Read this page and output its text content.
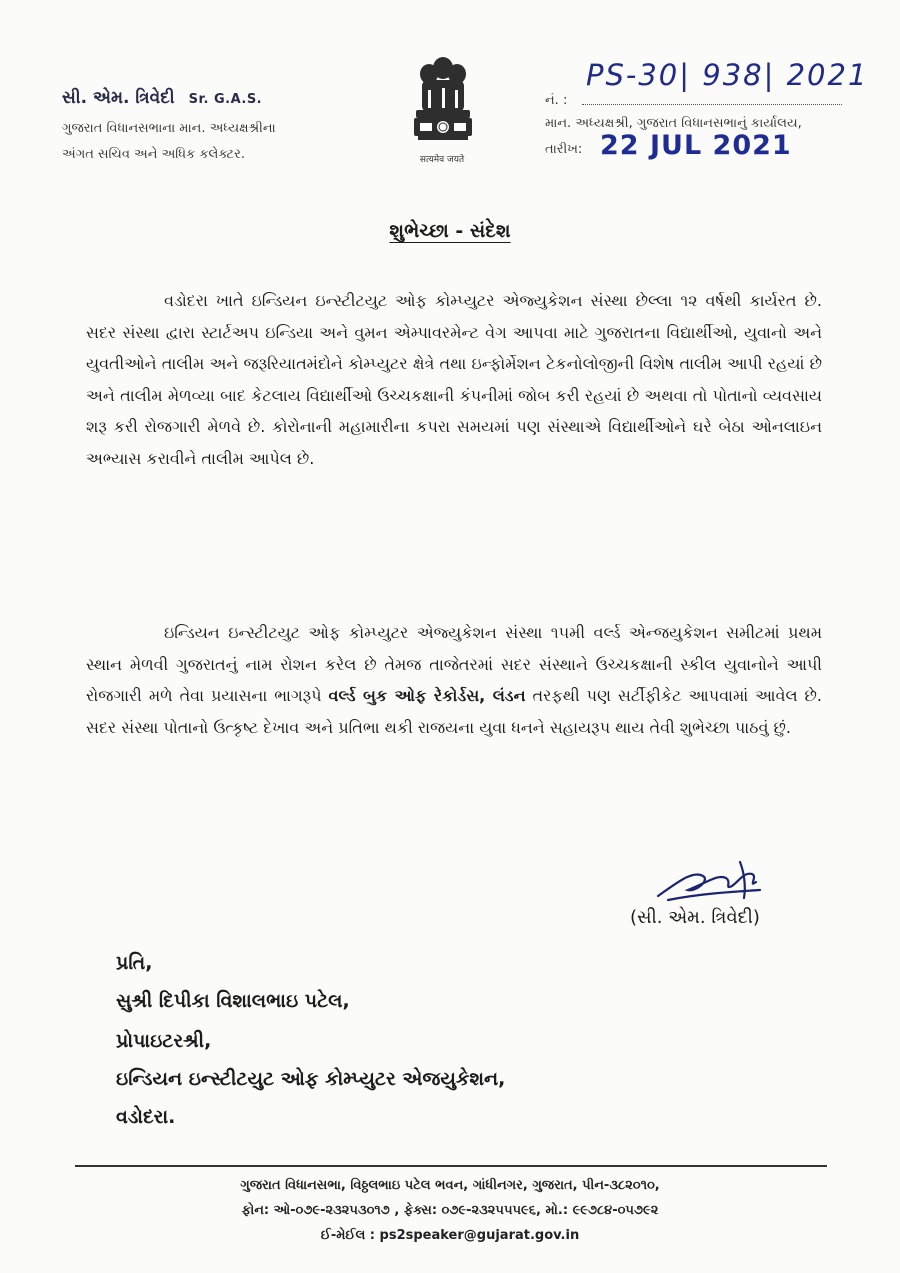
સી. એમ. ત્રિવેદી Sr. G.A.S.
ગુજરાત વિધાનસભાના માન. અધ્યક્ષશ્રીના
અંગત સચિવ અને અધિક કલેક્ટર.	सत्यमेव जयते
PS-30| 938| 2021
નં. :
માન. અધ્યક્ષશ્રી, ગુજરાત વિધાનસભાનું કાર્યાલય,
તારીખ: 22 JUL 2021
શુભેચ્છા - સંદેશ
વડોદરા ખાતે ઇન્ડિયન ઇન્સ્ટીટયુટ ઓફ કોમ્પ્યુટર એજ્યુકેશન સંસ્થા છેલ્લા ૧૨ વર્ષથી કાર્યરત છે. સદર સંસ્થા દ્વારા સ્ટાર્ટઅપ ઇન્ડિયા અને વુમન એમ્પાવરમેન્ટ વેગ આપવા માટે ગુજરાતના વિદ્યાર્થીઓ, યુવાનો અને યુવતીઓને તાલીમ અને જરૂરિયાતમંદોને કોમ્પ્યુટર ક્ષેત્રે તથા ઇન્ફોર્મેશન ટેકનોલોજીની વિશેષ તાલીમ આપી રહયાં છે અને તાલીમ મેળવ્યા બાદ કેટલાય વિદ્યાર્થીઓ ઉચ્ચકક્ષાની કંપનીમાં જોબ કરી રહયાં છે અથવા તો પોતાનો વ્યવસાય શરૂ કરી રોજગારી મેળવે છે. કોરોનાની મહામારીના કપરા સમયમાં પણ સંસ્થાએ વિદ્યાર્થીઓને ઘરે બેઠા ઓનલાઇન અભ્યાસ કરાવીને તાલીમ આપેલ છે.
ઇન્ડિયન ઇન્સ્ટીટયુટ ઓફ કોમ્પ્યુટર એજ્યુકેશન સંસ્થા ૧૫મી વર્લ્ડ એન્જયુકેશન સમીટમાં પ્રથમ સ્થાન મેળવી ગુજરાતનું નામ રોશન કરેલ છે તેમજ તાજેતરમાં સદર સંસ્થાને ઉચ્ચકક્ષાની સ્કીલ યુવાનોને આપી રોજગારી મળે તેવા પ્રયાસના ભાગરૂપે વર્લ્ડ બુક ઓફ રેકોર્ડસ, લંડન તરફથી પણ સર્ટીફીકેટ આપવામાં આવેલ છે. સદર સંસ્થા પોતાનો ઉત્કૃષ્ટ દેખાવ અને પ્રતિભા થકી રાજયના યુવા ધનને સહાયરૂપ થાય તેવી શુભેચ્છા પાઠવું છું.
(સી. એમ. ત્રિવેદી)
પ્રતિ,
સુશ્રી દિપીકા વિશાલભાઇ પટેલ,
પ્રોપાઇટરશ્રી,
ઇન્ડિયન ઇન્સ્ટીટયુટ ઓફ કોમ્પ્યુટર એજયુકેશન,
વડોદરા.
ગુજરાત વિધાનસભા, વિઠ્ઠલભાઇ પટેલ ભવન, ગાંધીનગર, ગુજરાત, પીન-૩૮૨૦૧૦,
ફોન: ઓ-૦૭૯-૨૩૨૫૩૦૧૭ , ફેક્સ: ૦૭૯-૨૩૨૫૫૫૯૬, મો.: ૯૯૭૮૪-૦૫૭૯૨
ઈ-મેઈલ : ps2speaker@gujarat.gov.in
